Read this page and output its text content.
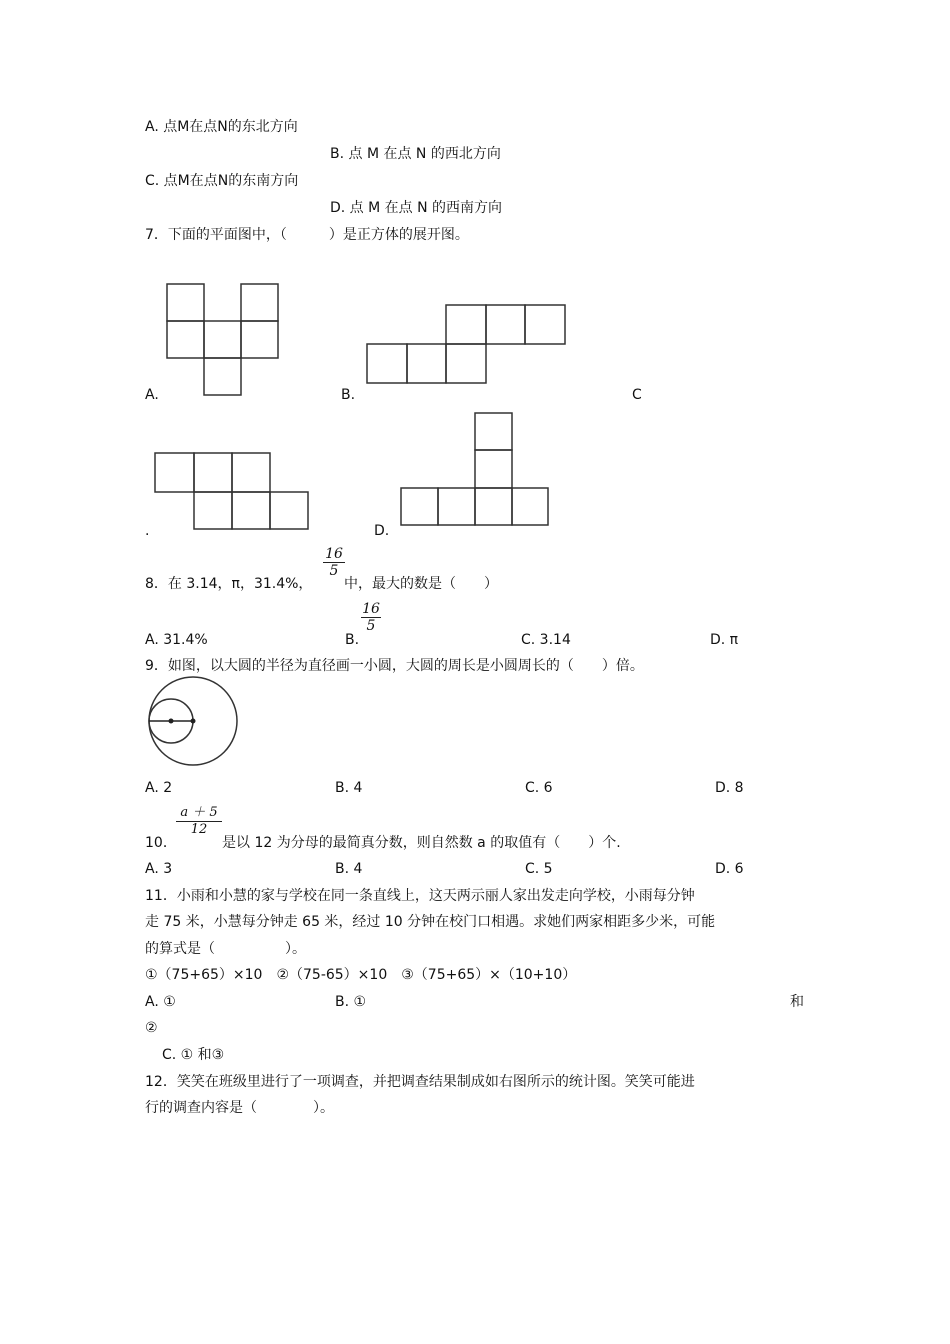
A. 点M在点N的东北方向
B. 点 M 在点 N 的西北方向
C. 点M在点N的东南方向
D. 点 M 在点 N 的西南方向
7．下面的平面图中，（　　　）是正方体的展开图。
A.	B.	C
.	D.
$\frac{16}{5}$
8．在 3.14，π，31.4%， 中，最大的数是（　　）
A. 31.4%	B.
$\frac{16}{5}$
C. 3.14	D. π
9．如图，以大圆的半径为直径画一小圆，大圆的周长是小圆周长的（　　）倍。
A. 2	B. 4	C. 6	D. 8
$\frac{a + 5}{12}$
10．	是以 12 为分母的最简真分数，则自然数 a 的取值有（　　）个.
A. 3	B. 4	C. 5	D. 6
11．小雨和小慧的家与学校在同一条直线上，这天两示丽人家出发走向学校，小雨每分钟
走 75 米，小慧每分钟走 65 米，经过 10 分钟在校门口相遇。求她们两家相距多少米，可能
的算式是（　　　　　）。
①（75+65）×10　②（75-65）×10　③（75+65）×（10+10）
A. ①	B. ①	和
②
C. ① 和③
12．笑笑在班级里进行了一项调查，并把调查结果制成如右图所示的统计图。笑笑可能进
行的调查内容是（　　　　）。
